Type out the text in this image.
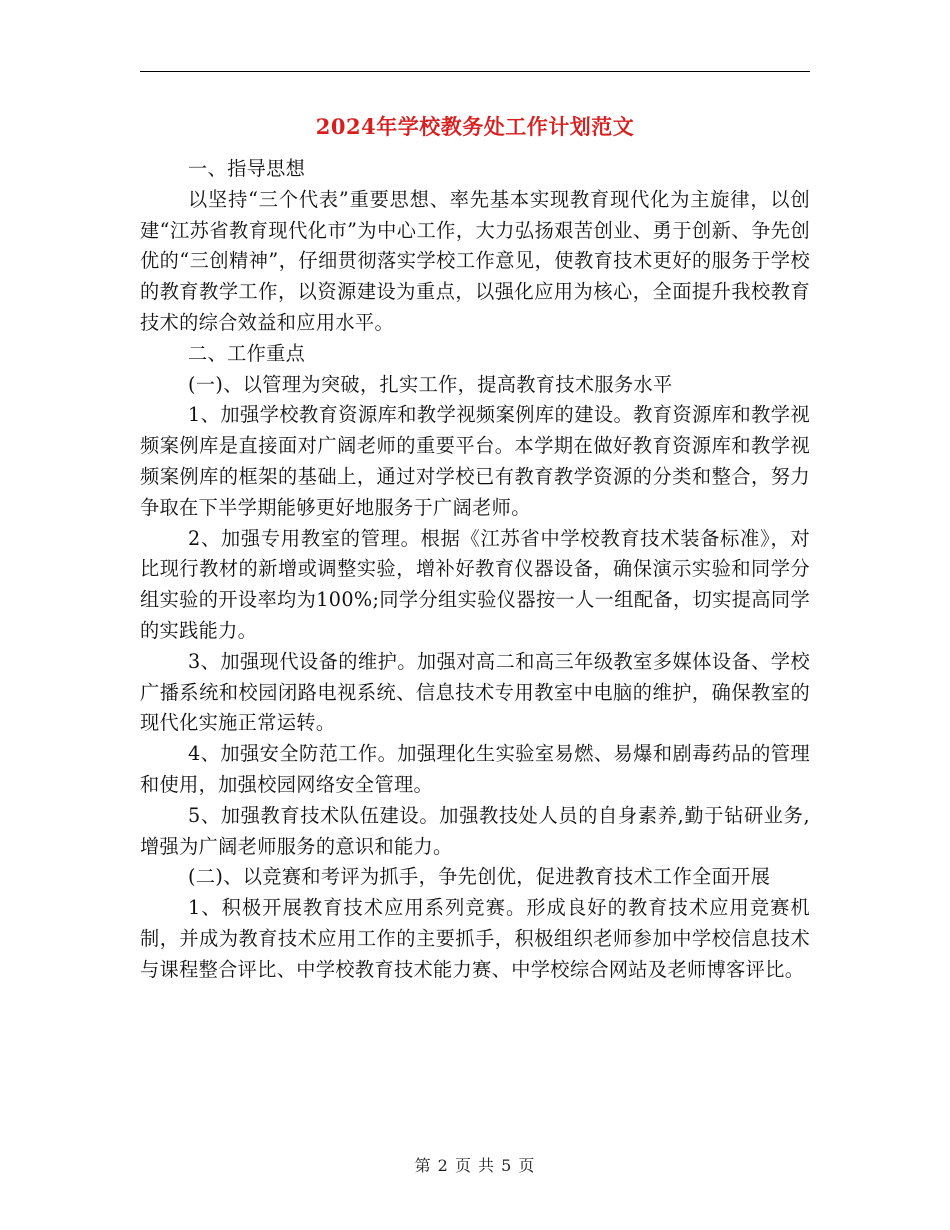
2024年学校教务处工作计划范文

一、指导思想

以坚持“三个代表”重要思想、率先基本实现教育现代化为主旋律，以创建“江苏省教育现代化市”为中心工作，大力弘扬艰苦创业、勇于创新、争先创优的“三创精神”，仔细贯彻落实学校工作意见，使教育技术更好的服务于学校的教育教学工作，以资源建设为重点，以强化应用为核心，全面提升我校教育技术的综合效益和应用水平。

二、工作重点

(一)、以管理为突破，扎实工作，提高教育技术服务水平

1、加强学校教育资源库和教学视频案例库的建设。教育资源库和教学视频案例库是直接面对广阔老师的重要平台。本学期在做好教育资源库和教学视频案例库的框架的基础上，通过对学校已有教育教学资源的分类和整合，努力争取在下半学期能够更好地服务于广阔老师。

2、加强专用教室的管理。根据《江苏省中学校教育技术装备标准》，对比现行教材的新增或调整实验，增补好教育仪器设备，确保演示实验和同学分组实验的开设率均为100%;同学分组实验仪器按一人一组配备，切实提高同学的实践能力。

3、加强现代设备的维护。加强对高二和高三年级教室多媒体设备、学校广播系统和校园闭路电视系统、信息技术专用教室中电脑的维护，确保教室的现代化实施正常运转。

4、加强安全防范工作。加强理化生实验室易燃、易爆和剧毒药品的管理和使用，加强校园网络安全管理。

5、加强教育技术队伍建设。加强教技处人员的自身素养,勤于钻研业务,增强为广阔老师服务的意识和能力。

(二)、以竞赛和考评为抓手，争先创优，促进教育技术工作全面开展

1、积极开展教育技术应用系列竞赛。形成良好的教育技术应用竞赛机制，并成为教育技术应用工作的主要抓手，积极组织老师参加中学校信息技术与课程整合评比、中学校教育技术能力赛、中学校综合网站及老师博客评比。

第 2 页 共 5 页
